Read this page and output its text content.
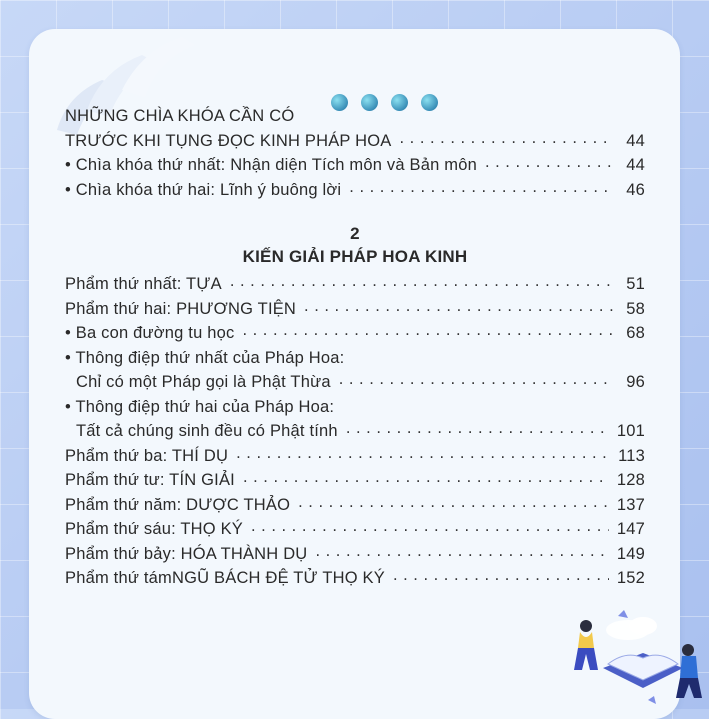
NHỮNG CHÌA KHÓA CẦN CÓ
TRƯỚC KHI TỤNG ĐỌC KINH PHÁP HOA . . .	44
• Chìa khóa thứ nhất: Nhận diện Tích môn và Bản môn . . .	44
• Chìa khóa thứ hai: Lĩnh ý buông lời . . .	46
2
KIẾN GIẢI PHÁP HOA KINH
Phẩm thứ nhất: TỰA . . .	51
Phẩm thứ hai: PHƯƠNG TIỆN . . .	58
• Ba con đường tu học . . .	68
• Thông điệp thứ nhất của Pháp Hoa:
Chỉ có một Pháp gọi là Phật Thừa . . .	96
• Thông điệp thứ hai của Pháp Hoa:
Tất cả chúng sinh đều có Phật tính . . .	101
Phẩm thứ ba: THÍ DỤ . . .	113
Phẩm thứ tư: TÍN GIẢI . . .	128
Phẩm thứ năm: DƯỢC THẢO . . .	137
Phẩm thứ sáu: THỌ KÝ . . .	147
Phẩm thứ bảy: HÓA THÀNH DỤ . . .	149
Phẩm thứ támNGŨ BÁCH ĐỆ TỬ THỌ KÝ . . .	152
